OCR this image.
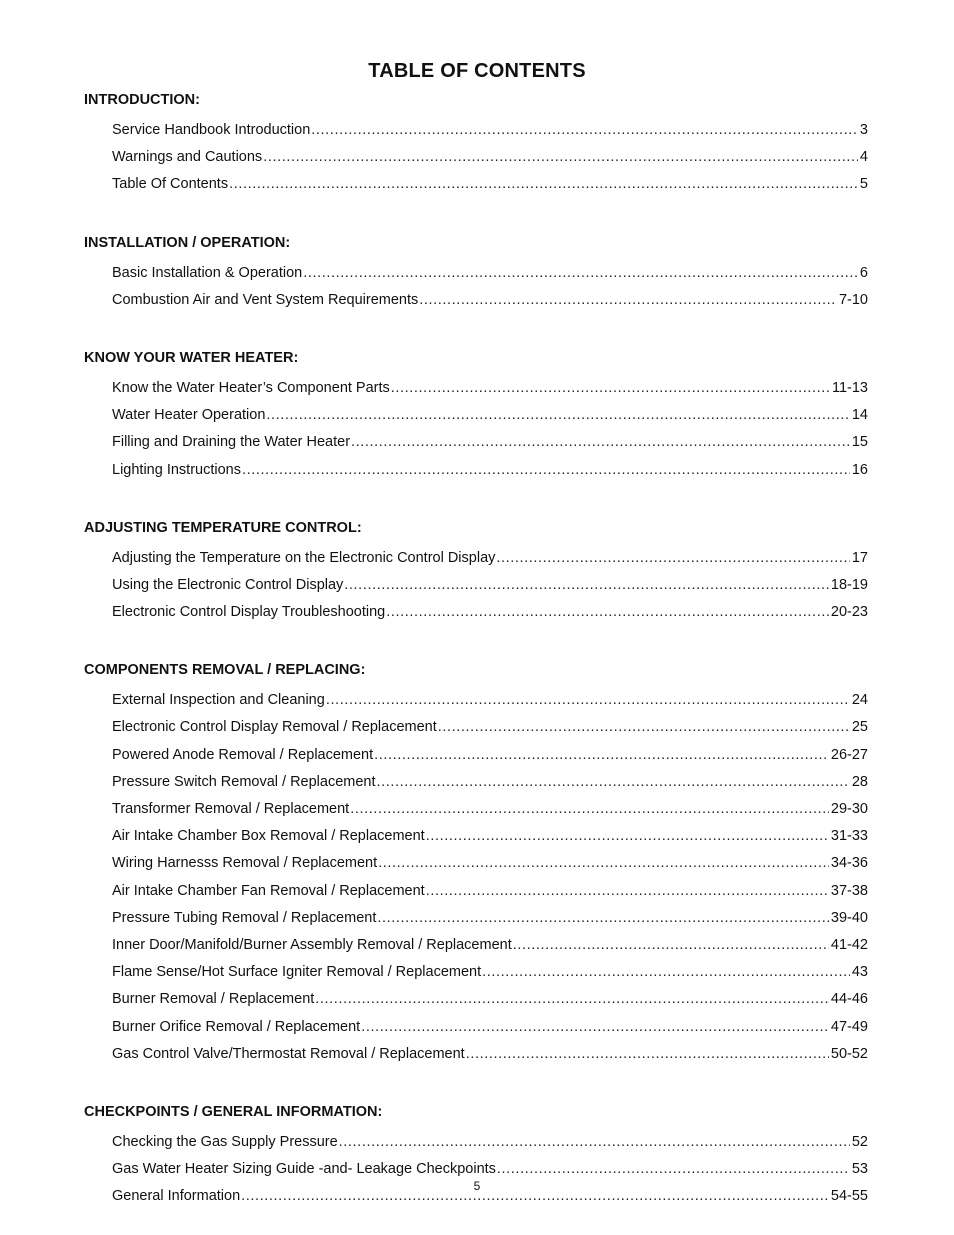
TABLE OF CONTENTS
INTRODUCTION:
Service Handbook Introduction .....	3
Warnings and Cautions .....	4
Table Of Contents .....	5
INSTALLATION / OPERATION:
Basic Installation & Operation .....	6
Combustion Air and Vent System Requirements .....	7-10
KNOW YOUR WATER HEATER:
Know the Water Heater’s Component Parts .....	11-13
Water Heater Operation .....	14
Filling and Draining the Water Heater .....	15
Lighting Instructions .....	16
ADJUSTING TEMPERATURE CONTROL:
Adjusting the Temperature on the Electronic Control Display .....	17
Using the Electronic Control Display .....	18-19
Electronic Control Display Troubleshooting .....	20-23
COMPONENTS REMOVAL / REPLACING:
External Inspection and Cleaning .....	24
Electronic Control Display Removal / Replacement .....	25
Powered Anode Removal / Replacement .....	26-27
Pressure Switch Removal / Replacement .....	28
Transformer Removal / Replacement .....	29-30
Air Intake Chamber Box Removal / Replacement .....	31-33
Wiring Harnesss Removal / Replacement .....	34-36
Air Intake Chamber Fan Removal / Replacement .....	37-38
Pressure Tubing Removal / Replacement .....	39-40
Inner Door/Manifold/Burner Assembly Removal / Replacement .....	41-42
Flame Sense/Hot Surface Igniter Removal / Replacement .....	43
Burner Removal / Replacement .....	44-46
Burner Orifice Removal / Replacement .....	47-49
Gas Control Valve/Thermostat Removal / Replacement .....	50-52
CHECKPOINTS / GENERAL INFORMATION:
Checking the Gas Supply Pressure .....	52
Gas Water Heater Sizing Guide -and- Leakage Checkpoints .....	53
General Information .....	54-55
5
